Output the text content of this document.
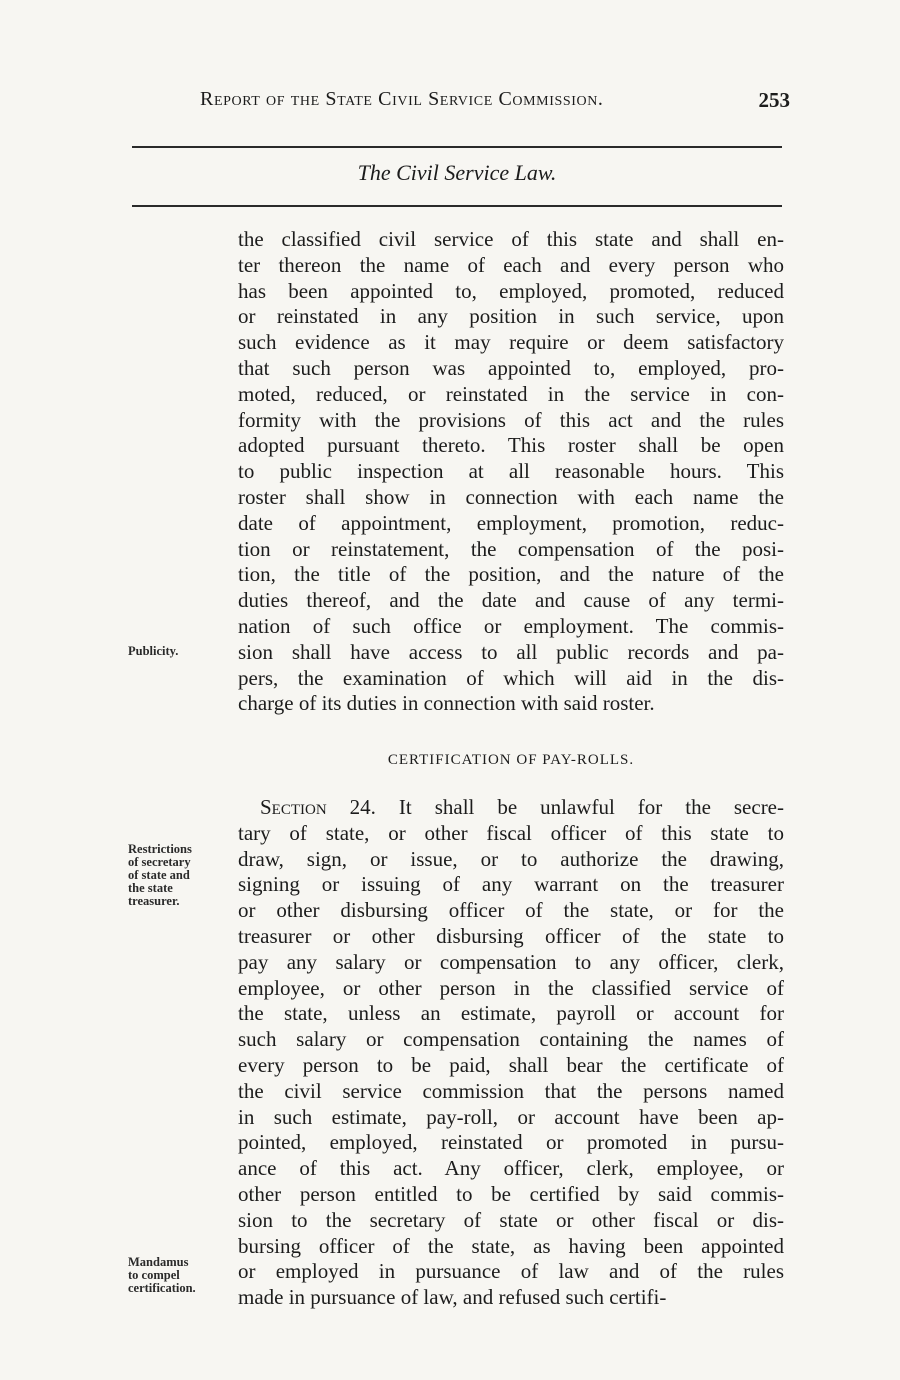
Report of the State Civil Service Commission.	253
The Civil Service Law.
the classified civil service of this state and shall en-
ter thereon the name of each and every person who
has been appointed to, employed, promoted, reduced
or reinstated in any position in such service, upon
such evidence as it may require or deem satisfactory
that such person was appointed to, employed, pro-
moted, reduced, or reinstated in the service in con-
formity with the provisions of this act and the rules
adopted pursuant thereto. This roster shall be open
to public inspection at all reasonable hours. This
roster shall show in connection with each name the
date of appointment, employment, promotion, reduc-
tion or reinstatement, the compensation of the posi-
tion, the title of the position, and the nature of the
duties thereof, and the date and cause of any termi-
nation of such office or employment. The commis-
sion shall have access to all public records and pa-
pers, the examination of which will aid in the dis-
charge of its duties in connection with said roster.
CERTIFICATION OF PAY-ROLLS.
Section 24. It shall be unlawful for the secre-
tary of state, or other fiscal officer of this state to
draw, sign, or issue, or to authorize the drawing,
signing or issuing of any warrant on the treasurer
or other disbursing officer of the state, or for the
treasurer or other disbursing officer of the state to
pay any salary or compensation to any officer, clerk,
employee, or other person in the classified service of
the state, unless an estimate, payroll or account for
such salary or compensation containing the names of
every person to be paid, shall bear the certificate of
the civil service commission that the persons named
in such estimate, pay-roll, or account have been ap-
pointed, employed, reinstated or promoted in pursu-
ance of this act. Any officer, clerk, employee, or
other person entitled to be certified by said commis-
sion to the secretary of state or other fiscal or dis-
bursing officer of the state, as having been appointed
or employed in pursuance of law and of the rules
made in pursuance of law, and refused such certifi-
Publicity.
Restrictions
of secretary
of state and
the state
treasurer.
Mandamus
to compel
certification.
